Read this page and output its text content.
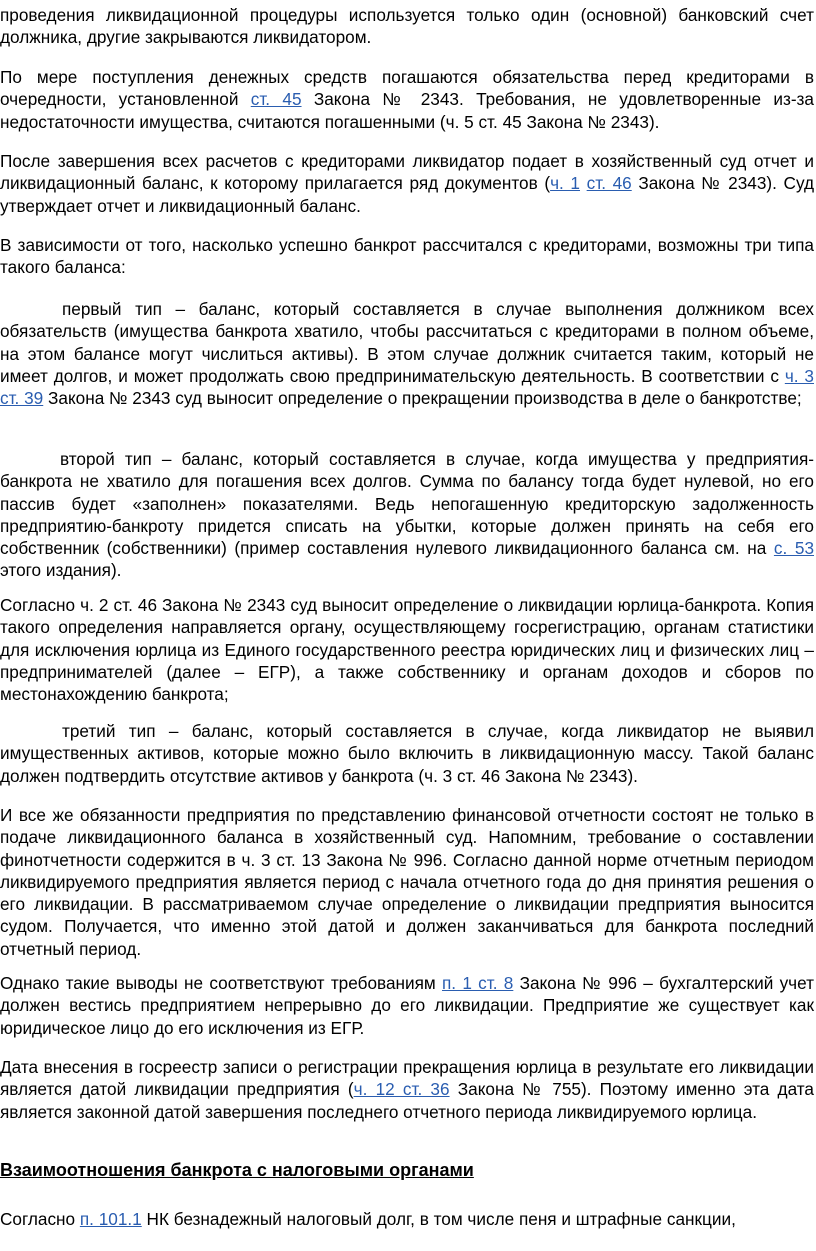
проведения ликвидационной процедуры используется только один (основной) банковский счет должника, другие закрываются ликвидатором.

По мере поступления денежных средств погашаются обязательства перед кредиторами в очередности, установленной ст. 45 Закона № 2343. Требования, не удовлетворенные из-за недостаточности имущества, считаются погашенными (ч. 5 ст. 45 Закона № 2343).

После завершения всех расчетов с кредиторами ликвидатор подает в хозяйственный суд отчет и ликвидационный баланс, к которому прилагается ряд документов (ч. 1 ст. 46 Закона № 2343). Суд утверждает отчет и ликвидационный баланс.

В зависимости от того, насколько успешно банкрот рассчитался с кредиторами, возможны три типа такого баланса:

первый тип – баланс, который составляется в случае выполнения должником всех обязательств (имущества банкрота хватило, чтобы рассчитаться с кредиторами в полном объеме, на этом балансе могут числиться активы). В этом случае должник считается таким, который не имеет долгов, и может продолжать свою предпринимательскую деятельность. В соответствии с ч. 3 ст. 39 Закона № 2343 суд выносит определение о прекращении производства в деле о банкротстве;

второй тип – баланс, который составляется в случае, когда имущества у предприятия-банкрота не хватило для погашения всех долгов. Сумма по балансу тогда будет нулевой, но его пассив будет «заполнен» показателями. Ведь непогашенную кредиторскую задолженность предприятию-банкроту придется списать на убытки, которые должен принять на себя его собственник (собственники) (пример составления нулевого ликвидационного баланса см. на с. 53 этого издания).

Согласно ч. 2 ст. 46 Закона № 2343 суд выносит определение о ликвидации юрлица-банкрота. Копия такого определения направляется органу, осуществляющему госрегистрацию, органам статистики для исключения юрлица из Единого государственного реестра юридических лиц и физических лиц – предпринимателей (далее – ЕГР), а также собственнику и органам доходов и сборов по местонахождению банкрота;

третий тип – баланс, который составляется в случае, когда ликвидатор не выявил имущественных активов, которые можно было включить в ликвидационную массу. Такой баланс должен подтвердить отсутствие активов у банкрота (ч. 3 ст. 46 Закона № 2343).

И все же обязанности предприятия по представлению финансовой отчетности состоят не только в подаче ликвидационного баланса в хозяйственный суд. Напомним, требование о составлении финотчетности содержится в ч. 3 ст. 13 Закона № 996. Согласно данной норме отчетным периодом ликвидируемого предприятия является период с начала отчетного года до дня принятия решения о его ликвидации. В рассматриваемом случае определение о ликвидации предприятия выносится судом. Получается, что именно этой датой и должен заканчиваться для банкрота последний отчетный период.

Однако такие выводы не соответствуют требованиям п. 1 ст. 8 Закона № 996 – бухгалтерский учет должен вестись предприятием непрерывно до его ликвидации. Предприятие же существует как юридическое лицо до его исключения из ЕГР.

Дата внесения в госреестр записи о регистрации прекращения юрлица в результате его ликвидации является датой ликвидации предприятия (ч. 12 ст. 36 Закона № 755). Поэтому именно эта дата является законной датой завершения последнего отчетного периода ликвидируемого юрлица.

Взаимоотношения банкрота с налоговыми органами

Согласно п. 101.1 НК безнадежный налоговый долг, в том числе пеня и штрафные санкции,
